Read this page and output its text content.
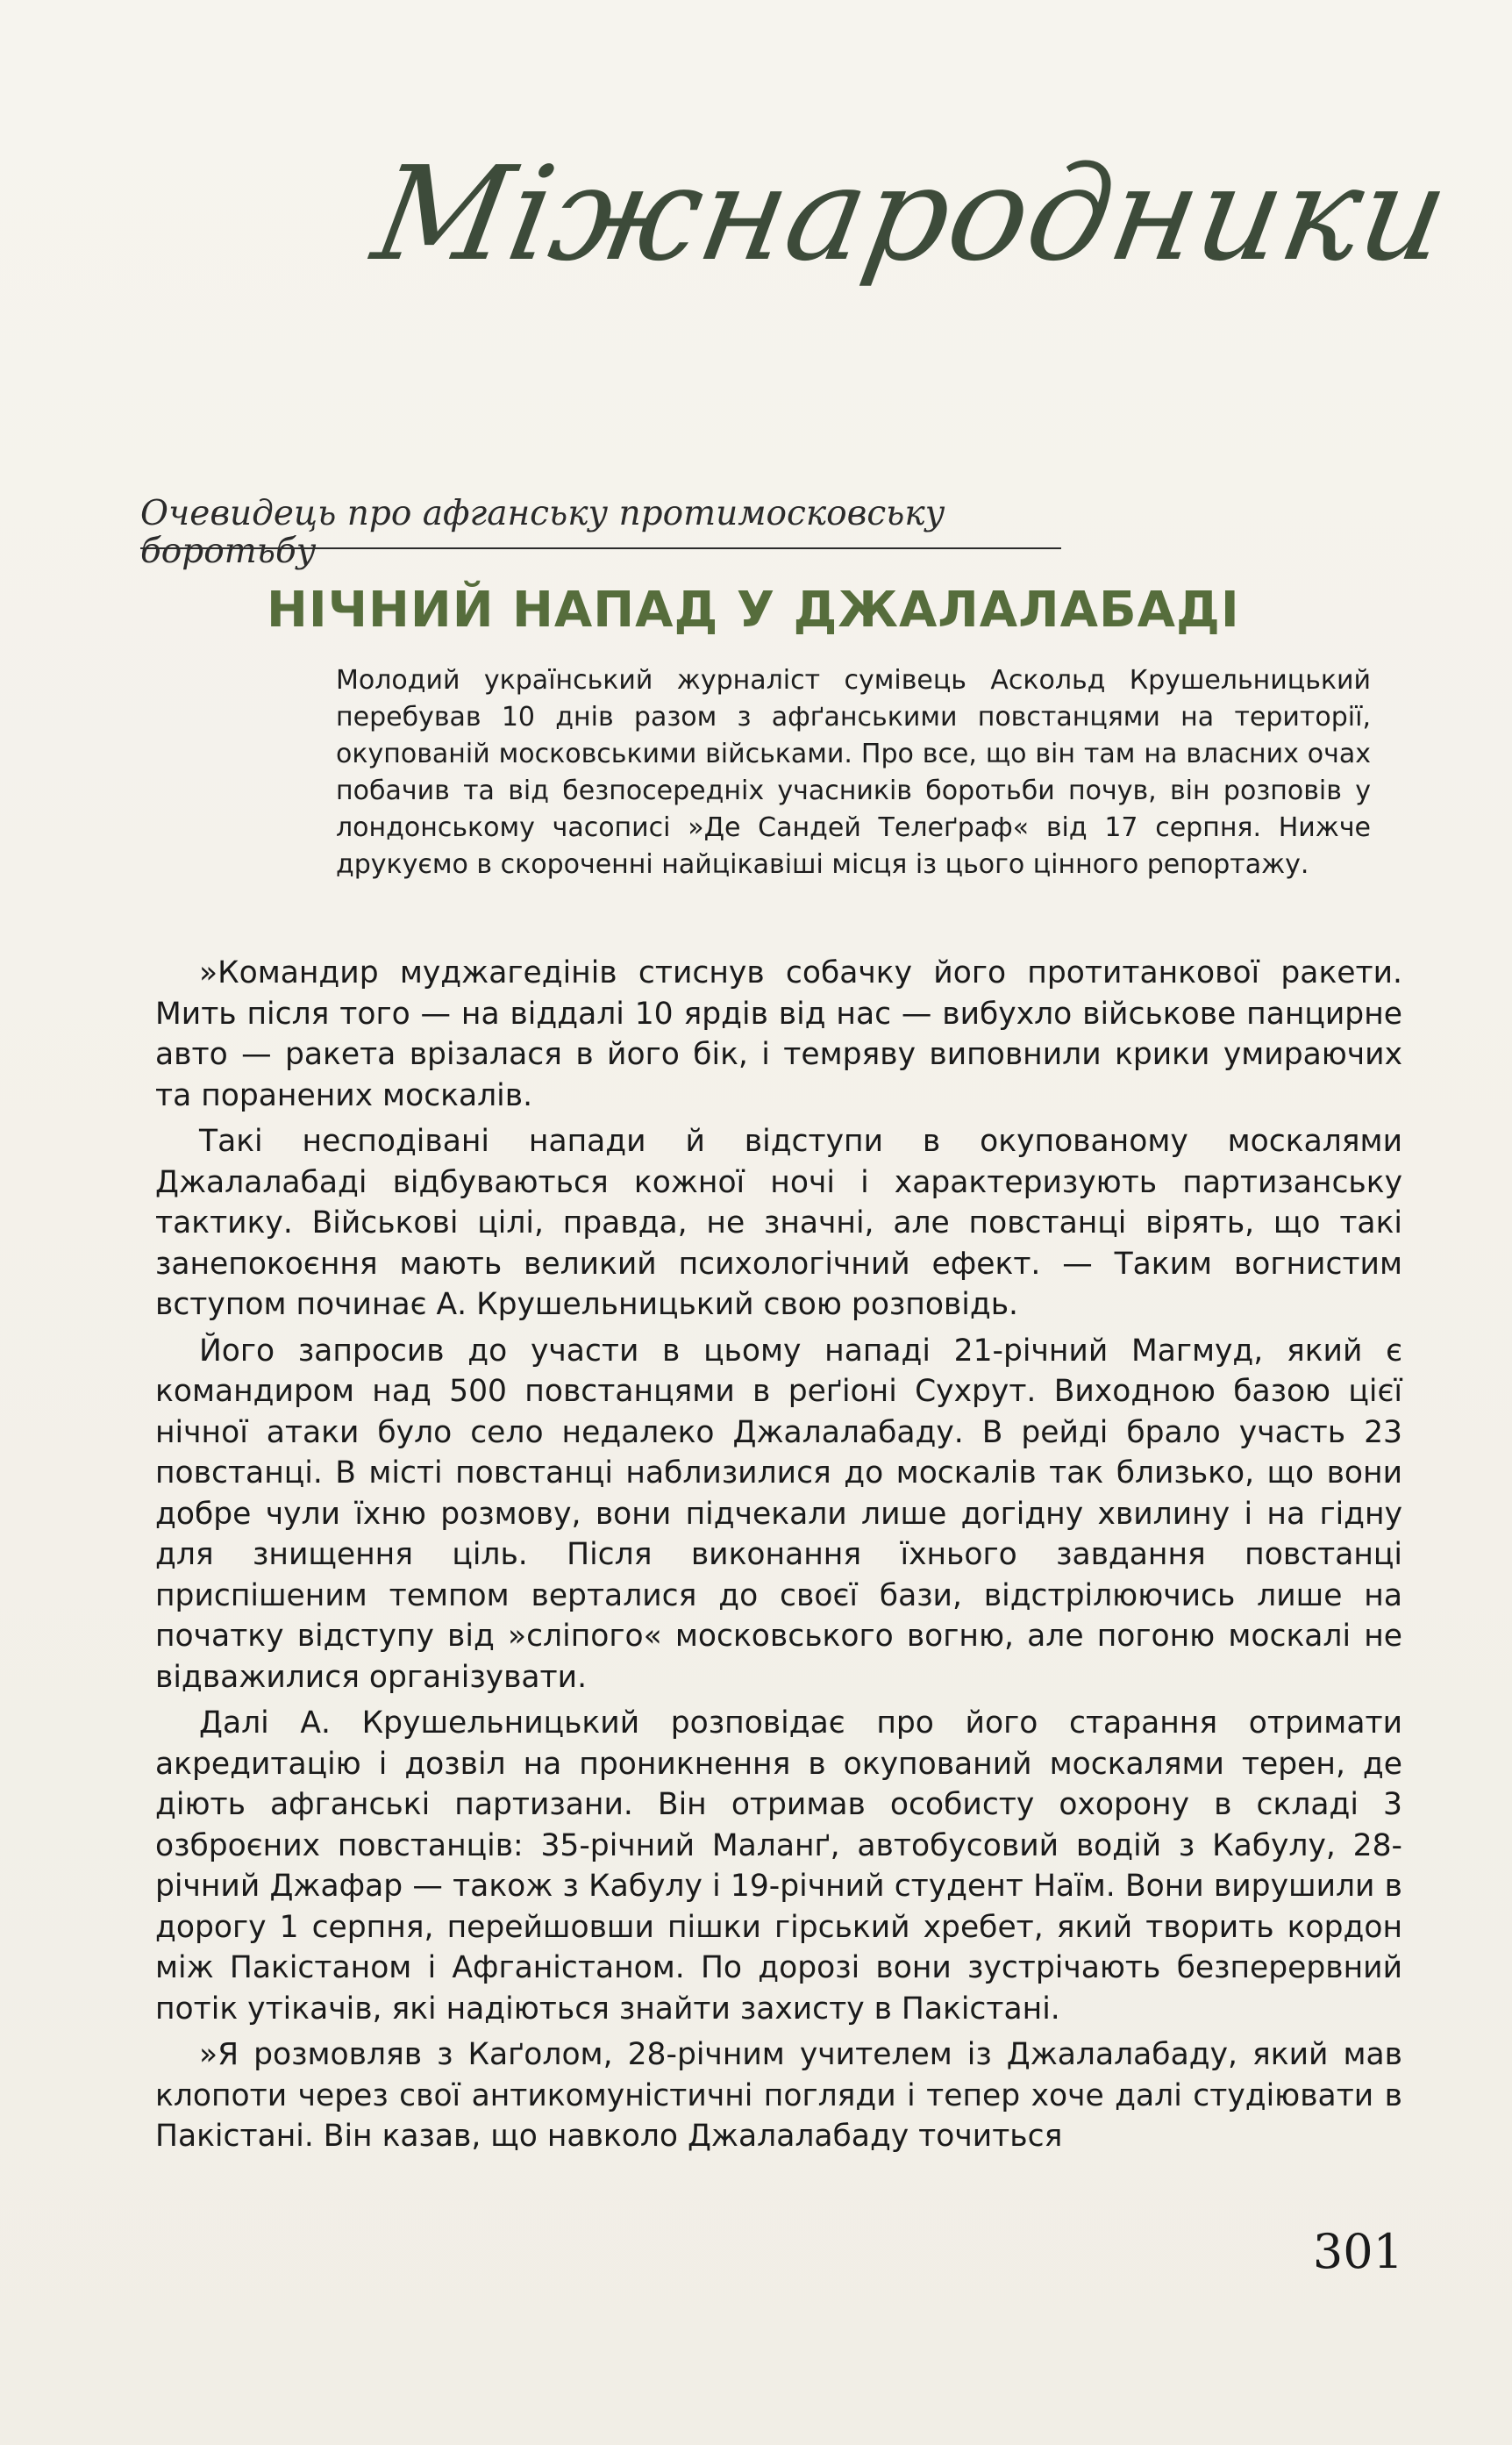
Міжнародники
Очевидець про афганську протимосковську боротьбу
НІЧНИЙ НАПАД У ДЖАЛАЛАБАДІ
Молодий український журналіст сумівець Аскольд Крушельницький перебував 10 днів разом з афґанськими повстанцями на території, окупованій московськими військами. Про все, що він там на власних очах побачив та від безпосередніх учасників боротьби почув, він розповів у лондонському часописі »Де Сандей Телеґраф« від 17 серпня. Нижче друкуємо в скороченні найцікавіші місця із цього цінного репортажу.

»Командир муджагедінів стиснув собачку його протитанкової ракети. Мить після того — на віддалі 10 ярдів від нас — вибухло військове панцирне авто — ракета врізалася в його бік, і темряву виповнили крики умираючих та поранених москалів.

Такі несподівані напади й відступи в окупованому москалями Джалалабаді відбуваються кожної ночі і характеризують партизанську тактику. Військові цілі, правда, не значні, але повстанці вірять, що такі занепокоєння мають великий психологічний ефект. — Таким вогнистим вступом починає А. Крушельницький свою розповідь.

Його запросив до участи в цьому нападі 21-річний Магмуд, який є командиром над 500 повстанцями в реґіоні Сухрут. Виходною базою цієї нічної атаки було село недалеко Джалалабаду. В рейді брало участь 23 повстанці. В місті повстанці наблизилися до москалів так близько, що вони добре чули їхню розмову, вони підчекали лише догідну хвилину і на гідну для знищення ціль. Після виконання їхнього завдання повстанці приспішеним темпом верталися до своєї бази, відстрілюючись лише на початку відступу від »сліпого« московського вогню, але погоню москалі не відважилися організувати.

Далі А. Крушельницький розповідає про його старання отримати акредитацію і дозвіл на проникнення в окупований москалями терен, де діють афганські партизани. Він отримав особисту охорону в складі 3 озброєних повстанців: 35-річний Маланґ, автобусовий водій з Кабулу, 28-річний Джафар — також з Кабулу і 19-річний студент Наїм. Вони вирушили в дорогу 1 серпня, перейшовши пішки гірський хребет, який творить кордон між Пакістаном і Афганістаном. По дорозі вони зустрічають безперервний потік утікачів, які надіються знайти захисту в Пакістані.

»Я розмовляв з Каґолом, 28-річним учителем із Джалалабаду, який мав клопоти через свої антикомуністичні погляди і тепер хоче далі студіювати в Пакістані. Він казав, що навколо Джалалабаду точиться

301
